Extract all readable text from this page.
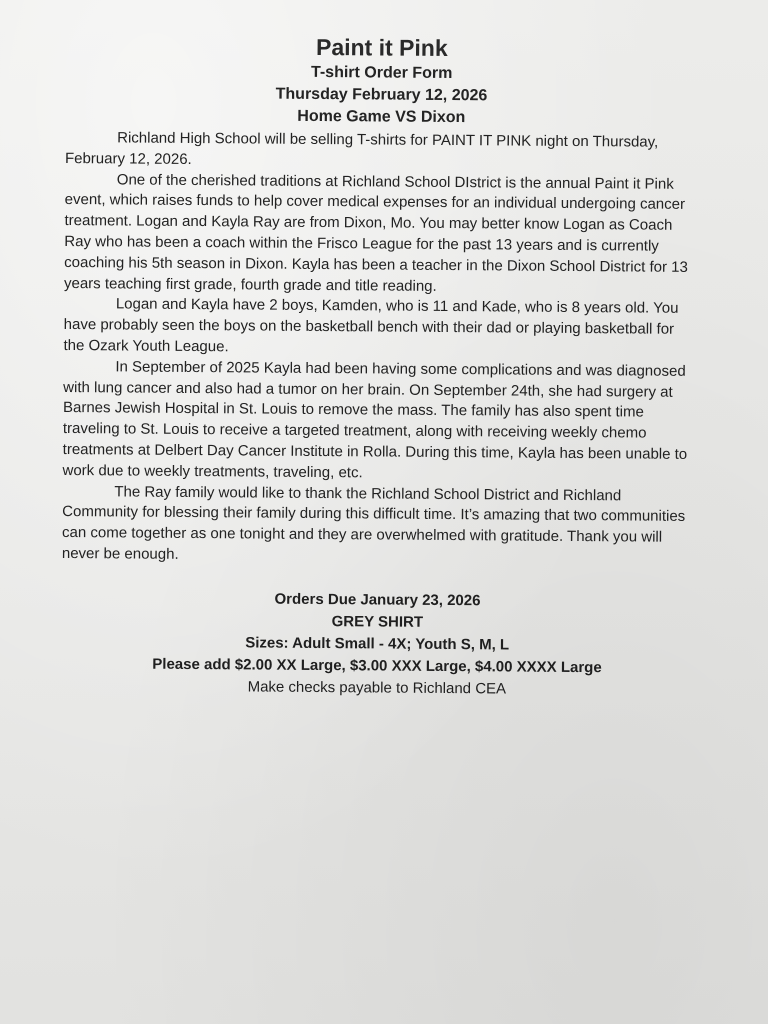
Paint it Pink
T-shirt Order Form
Thursday February 12, 2026
Home Game VS Dixon

Richland High School will be selling T-shirts for PAINT IT PINK night on Thursday, February 12, 2026.

One of the cherished traditions at Richland School DIstrict is the annual Paint it Pink event, which raises funds to help cover medical expenses for an individual undergoing cancer treatment. Logan and Kayla Ray are from Dixon, Mo. You may better know Logan as Coach Ray who has been a coach within the Frisco League for the past 13 years and is currently coaching his 5th season in Dixon. Kayla has been a teacher in the Dixon School District for 13 years teaching first grade, fourth grade and title reading.

Logan and Kayla have 2 boys, Kamden, who is 11 and Kade, who is 8 years old. You have probably seen the boys on the basketball bench with their dad or playing basketball for the Ozark Youth League.

In September of 2025 Kayla had been having some complications and was diagnosed with lung cancer and also had a tumor on her brain. On September 24th, she had surgery at Barnes Jewish Hospital in St. Louis to remove the mass. The family has also spent time traveling to St. Louis to receive a targeted treatment, along with receiving weekly chemo treatments at Delbert Day Cancer Institute in Rolla. During this time, Kayla has been unable to work due to weekly treatments, traveling, etc.

The Ray family would like to thank the Richland School District and Richland Community for blessing their family during this difficult time. It’s amazing that two communities can come together as one tonight and they are overwhelmed with gratitude. Thank you will never be enough.

Orders Due January 23, 2026
GREY SHIRT
Sizes: Adult Small - 4X; Youth S, M, L
Please add $2.00 XX Large, $3.00 XXX Large, $4.00 XXXX Large
Make checks payable to Richland CEA
